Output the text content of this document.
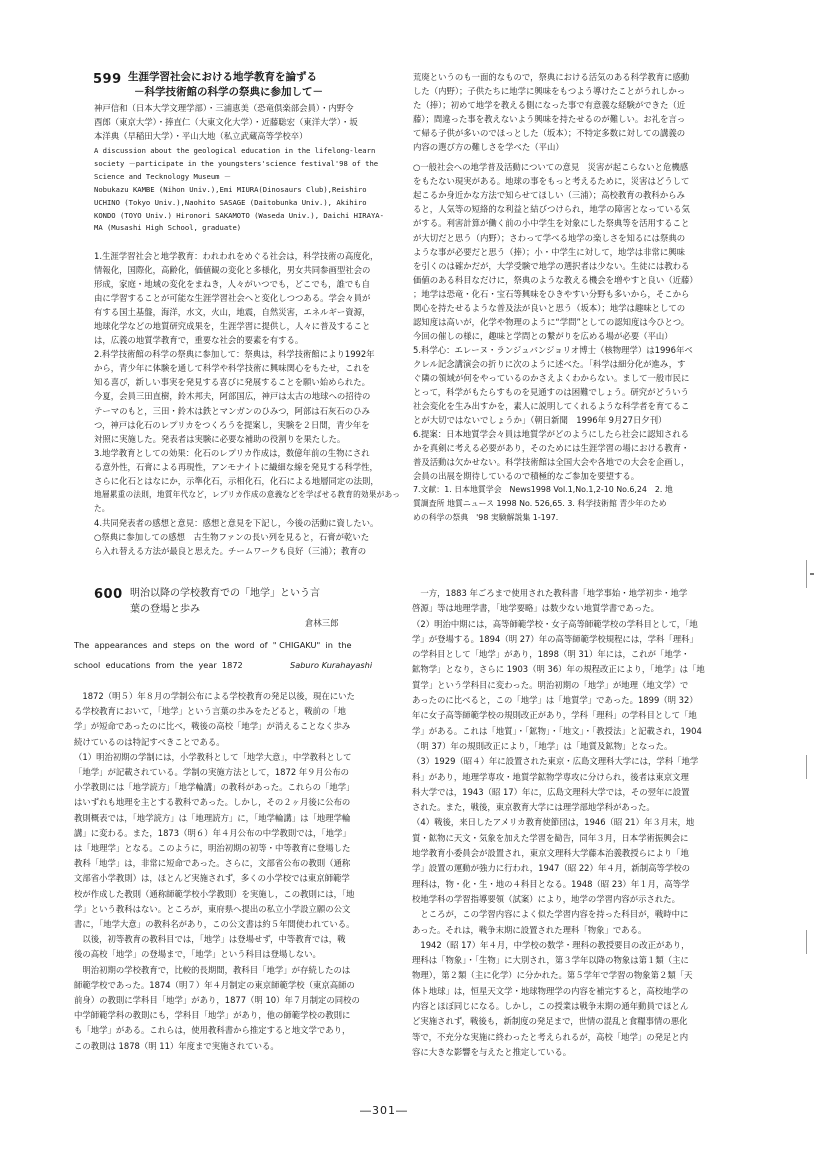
599 生涯学習社会における地学教育を論ずる

－科学技術館の科学の祭典に参加して－

神戸信和（日本大学文理学部）・三浦恵美（恐竜倶楽部会員）・内野令

酉郎（東京大学）・捧直仁（大東文化大学）・近藤聡宏（東洋大学）・坂

本洋典（早稲田大学）・平山大地（私立武蔵高等学校卒）

A discussion about the geological education in the lifelong-learn
society －participate in the youngsters'science festival'98 of the
Science and Tecknology Museum －
Nobukazu KAMBE (Nihon Univ.),Emi MIURA(Dinosaurs Club),Reishiro
UCHINO (Tokyo Univ.),Naohito SASAGE (Daitobunka Univ.), Akihiro
KONDO (TOYO Univ.) Hironori SAKAMOTO (Waseda Univ.), Daichi HIRAYA-
MA (Musashi High School, graduate)

1.生涯学習社会と地学教育：われわれをめぐる社会は，科学技術の高度化，

情報化，国際化，高齢化，価値観の変化と多様化，男女共同参画型社会の

形成，家庭・地域の変化をまねき，人々がいつでも，どこでも，誰でも自

由に学習することが可能な生涯学習社会へと変化しつつある。学会々員が

有する国土基盤，海洋，水文，火山，地震，自然災害，エネルギー資源，

地球化学などの地質研究成果を，生涯学習に提供し，人々に普及すること

は，広義の地質学教育で，重要な社会的要素を有する。

2.科学技術館の科学の祭典に参加して：祭典は，科学技術館により1992年

から，青少年に体験を通して科学や科学技術に興味関心をもたせ，これを

知る喜び，新しい事実を発見する喜びに発展することを願い始められた。

今夏，会員三田直樹，鈴木邦夫，阿部国広，神戸は太古の地球への招待の

テーマのもと，三田・鈴木は鉄とマンガンのひみつ，阿部は石灰石のひみ

つ，神戸は化石のレプリカをつくろうを提案し，実験を２日間，青少年を

対照に実施した。発表者は実験に必要な補助の役割りを果たした。

3.地学教育としての効果：化石のレプリカ作成は，数億年前の生物にされ

る意外性，石膏による再現性，アンモナイトに繊細な線を発見する科学性，

さらに化石とはなにか，示準化石，示相化石，化石による地層同定の法則，

地層累重の法則，地質年代など，レプリカ作成の意義などを学ばせる教育的効果があった。

4.共同発表者の感想と意見：感想と意見を下記し，今後の活動に資したい。

○祭典に参加しての感想　古生物ファンの長い列を見ると，石膏が乾いた

ら入れ替える方法が最良と思えた。チームワークも良好（三浦）；教育の

荒廃というのも一面的なもので，祭典における活気のある科学教育に感動

した（内野）；子供たちに地学に興味をもつよう導けたことがうれしかっ

た（捧）；初めて地学を教える側になった事で有意義な経験ができた（近

藤）；間違った事を教えないよう興味を持たせるのが難しい。お礼を言っ

て帰る子供が多いのでほっとした（坂本）；不特定多数に対しての講義の

内容の選び方の難しさを学べた（平山）

○一般社会への地学普及活動についての意見　災害が起こらないと危機感

をもたない現実がある。地球の事をもっと考えるために，災害はどうして

起こるか身近かな方法で知らせてほしい（三浦）；高校教育の教科からみ

ると，人気等の短絡的な利益と結びつけられ，地学の障害となっている気

がする。利害計算が働く前の小中学生を対象にした祭典等を活用すること

が大切だと思う（内野）；さわって学べる地学の楽しさを知るには祭典の

ような事が必要だと思う（捧）；小・中学生に対して，地学は非常に興味

を引くのは確かだが，大学受験で地学の選択者は少ない。生徒には教わる

価値のある科目なだけに，祭典のような教える機会を増やすと良い（近藤）

；地学は恐竜・化石・宝石等興味をひきやすい分野も多いから，そこから

関心を持たせるような普及法が良いと思う（坂本）；地学は趣味としての

認知度は高いが，化学や物理のように“学問”としての認知度は今ひとつ。

今回の催しの様に，趣味と学問との繋がりを広める場が必要（平山）

5.科学心：エレーヌ・ランジュバンジョリオ博士（核物理学）は1996年ベ

クレル記念講演会の折りに次のように述べた。「科学は細分化が進み，す

ぐ隣の領域が何をやっているのかさえよくわからない。まして一般市民に

とって，科学がもたらすものを見通すのは困難でしょう。研究がどういう

社会変化を生み出すかを，素人に説明してくれるような科学者を育てるこ

とが大切ではないでしょうか」（朝日新聞　1996年 9月27日夕刊）

6.提案：日本地質学会々員は地質学がどのようにしたら社会に認知される

かを真剣に考える必要があり，そのためには生涯学習の場における教育・

普及活動は欠かせない。科学技術館は全国大会や各地での大会を企画し，

会員の出展を期待しているので積極的なご参加を要望する。

7.文献：1. 日本地質学会　News1998 Vol.1,No.1,2-10 No.6,24　2. 地

質調査所 地質ニュース 1998 No. 526,65. 3. 科学技術館 青少年のため

めの科学の祭典　'98 実験解説集 1-197.

600 明治以降の学校教育での「地学」という言

葉の登場と歩み

倉林三郎
The  appearances  and  steps  on  the  word  of  " CHIGAKU"  in  the
school  educations  from  the  year  1872	Saburo Kurahayashi

　1872（明５）年８月の学制公布による学校教育の発足以後，現在にいた

る学校教育において，「地学」という言葉の歩みをたどると，戦前の「地

学」が短命であったのに比べ，戦後の高校「地学」が消えることなく歩み

続けているのは特記すべきことである。

（1）明治初期の学制には，小学教科として「地学大意」，中学教科として

「地学」が記載されている。学制の実施方法として，1872 年９月公布の

小学教則には「地学読方」「地学輪講」の教科があった。これらの「地学」

はいずれも地理を主とする教科であった。しかし，その２ヶ月後に公布の

教則概表では，「地学読方」は「地理読方」に，「地学輪講」は「地理学輪

講」に変わる。また，1873（明６）年４月公布の中学教則では，「地学」

は「地理学」となる。このように，明治初期の初等・中等教育に登場した

教科「地学」は，非常に短命であった。さらに，文部省公布の教則（通称

文部省小学教則）は，ほとんど実施されず，多くの小学校では東京師範学

校が作成した教則（通称師範学校小学教則）を実施し，この教則には，「地

学」という教科はない。ところが，東府県へ提出の私立小学設立願の公文

書に，「地学大意」の教科名があり，この公文書は約５年間使われている。

　以後，初等教育の教科目では，「地学」は登場せず，中等教育では，戦

後の高校「地学」の登場まで，「地学」という科目は登場しない。

　明治初期の学校教育で，比較的長期間，教科目「地学」が存続したのは

師範学校であった。1874（明７）年４月制定の東京師範学校（東京高師の

前身）の教則に学科目「地学」があり，1877（明 10）年７月制定の同校の

中学師範学科の教則にも，学科目「地学」があり，他の師範学校の教則に

も「地学」がある。これらは，使用教科書から推定すると地文学であり，

この教則は 1878（明 11）年度まで実施されている。

　一方，1883 年ごろまで使用された教科書「地学事始・地学初歩・地学

啓源」等は地理学書，「地学要略」は数少ない地質学書であった。

（2）明治中期には，高等師範学校・女子高等師範学校の学科目として，「地

学」が登場する。1894（明 27）年の高等師範学校規程には，学科「理科」

の学科目として「地学」があり，1898（明 31）年には，これが「地学・

鉱物学」となり，さらに 1903（明 36）年の規程改正により，「地学」は「地

質学」という学科目に変わった。明治初期の「地学」が地理（地文学）で

あったのに比べると，この「地学」は「地質学」であった。1899（明 32）

年に女子高等師範学校の規則改正があり，学科「理科」の学科目として「地

学」がある。これは「地質」・「鉱物」・「地文」・「教授法」と記載され，1904

（明 37）年の規則改正により，「地学」は「地質及鉱物」となった。

（3）1929（昭４）年に設置された東京・広島文理科大学には，学科「地学

科」があり，地理学専攻・地質学鉱物学専攻に分けられ，後者は東京文理

科大学では，1943（昭 17）年に，広島文理科大学では，その翌年に設置

された。また，戦後，東京教育大学には理学部地学科があった。

（4）戦後，来日したアメリカ教育使節団は，1946（昭 21）年３月末，地

質・鉱物に天文・気象を加えた学習を勧告，同年３月，日本学術振興会に

地学教育小委員会が設置され，東京文理科大学藤本治義教授らにより「地

学」設置の運動が強力に行われ，1947（昭 22）年４月，新制高等学校の

理科は，物・化・生・地の４科目となる。1948（昭 23）年１月，高等学

校地学科の学習指導要領（試案）により，地学の学習内容が示された。

　ところが，この学習内容によく似た学習内容を持った科目が，戦時中に

あった。それは，戦争末期に設置された理科「物象」である。

　1942（昭 17）年４月，中学校の数学・理科の教授要目の改正があり，

理科は「物象」・「生物」に大別され，第３学年以降の物象は第１類（主に

物理），第２類（主に化学）に分かれた。第５学年で学習の物象第２類「天

体ト地球」は，恒星天文学・地球物理学の内容を補完すると，高校地学の

内容とほぼ同じになる。しかし，この授業は戦争末期の通年動員でほとん

ど実施されず，戦後も，新制度の発足まで，世情の混乱と食糧事情の悪化

等で，不充分な実施に終わったと考えられるが，高校「地学」の発足と内

容に大きな影響を与えたと推定している。

―301―
